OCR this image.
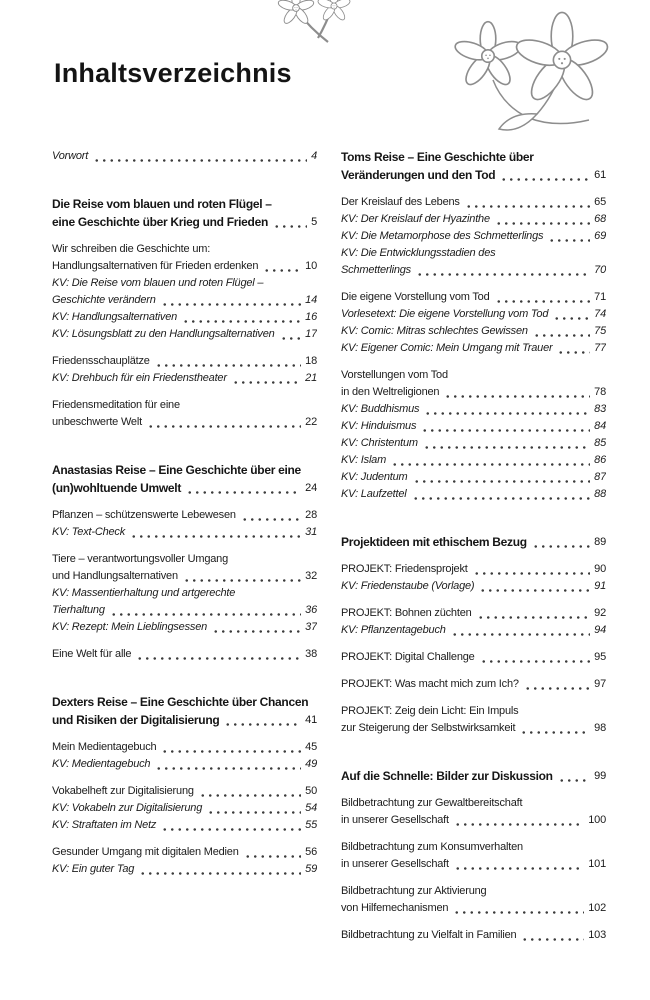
Inhaltsverzeichnis
Vorwort	4
Die Reise vom blauen und roten Flügel –
eine Geschichte über Krieg und Frieden	5
Wir schreiben die Geschichte um:
Handlungsalternativen für Frieden erdenken	10
KV: Die Reise vom blauen und roten Flügel –
Geschichte verändern	14
KV: Handlungsalternativen	16
KV: Lösungsblatt zu den Handlungsalternativen	17
Friedensschauplätze	18
KV: Drehbuch für ein Friedenstheater	21
Friedensmeditation für eine
unbeschwerte Welt	22
Anastasias Reise – Eine Geschichte über eine
(un)wohltuende Umwelt	24
Pflanzen – schützenswerte Lebewesen	28
KV: Text-Check	31
Tiere – verantwortungsvoller Umgang
und Handlungsalternativen	32
KV: Massentierhaltung und artgerechte
Tierhaltung	36
KV: Rezept: Mein Lieblingsessen	37
Eine Welt für alle	38
Dexters Reise – Eine Geschichte über Chancen
und Risiken der Digitalisierung	41
Mein Medientagebuch	45
KV: Medientagebuch	49
Vokabelheft zur Digitalisierung	50
KV: Vokabeln zur Digitalisierung	54
KV: Straftaten im Netz	55
Gesunder Umgang mit digitalen Medien	56
KV: Ein guter Tag	59
Toms Reise – Eine Geschichte über
Veränderungen und den Tod	61
Der Kreislauf des Lebens	65
KV: Der Kreislauf der Hyazinthe	68
KV: Die Metamorphose des Schmetterlings	69
KV: Die Entwicklungsstadien des
Schmetterlings	70
Die eigene Vorstellung vom Tod	71
Vorlesetext: Die eigene Vorstellung vom Tod	74
KV: Comic: Mitras schlechtes Gewissen	75
KV: Eigener Comic: Mein Umgang mit Trauer	77
Vorstellungen vom Tod
in den Weltreligionen	78
KV: Buddhismus	83
KV: Hinduismus	84
KV: Christentum	85
KV: Islam	86
KV: Judentum	87
KV: Laufzettel	88
Projektideen mit ethischem Bezug	89
PROJEKT: Friedensprojekt	90
KV: Friedenstaube (Vorlage)	91
PROJEKT: Bohnen züchten	92
KV: Pflanzentagebuch	94
PROJEKT: Digital Challenge	95
PROJEKT: Was macht mich zum Ich?	97
PROJEKT: Zeig dein Licht: Ein Impuls
zur Steigerung der Selbstwirksamkeit	98
Auf die Schnelle: Bilder zur Diskussion	99
Bildbetrachtung zur Gewaltbereitschaft
in unserer Gesellschaft	100
Bildbetrachtung zum Konsumverhalten
in unserer Gesellschaft	101
Bildbetrachtung zur Aktivierung
von Hilfemechanismen	102
Bildbetrachtung zu Vielfalt in Familien	103
